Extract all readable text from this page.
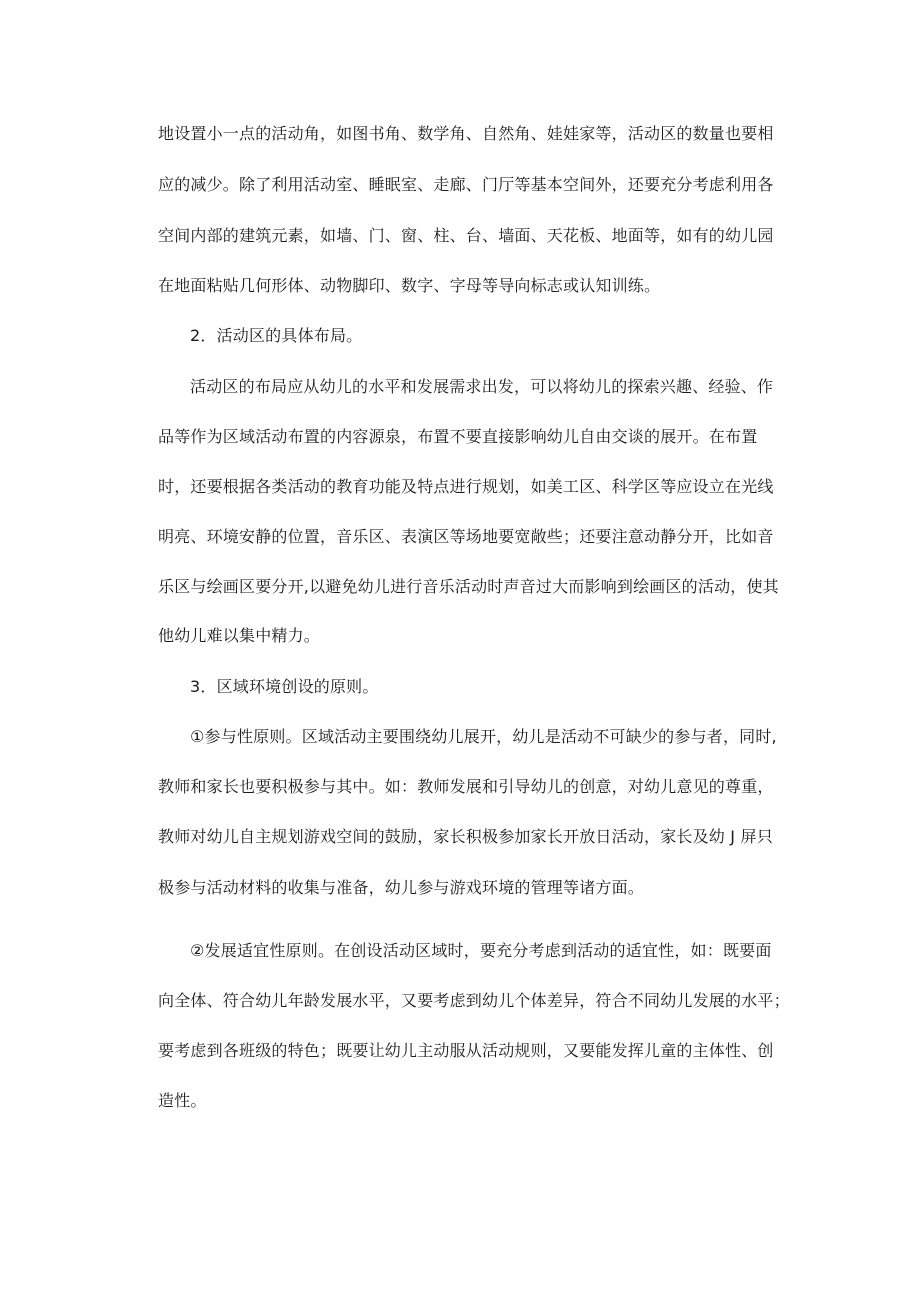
地设置小一点的活动角，如图书角、数学角、自然角、娃娃家等，活动区的数量也要相
应的减少。除了利用活动室、睡眠室、走廊、门厅等基本空间外，还要充分考虑利用各
空间内部的建筑元素，如墙、门、窗、柱、台、墙面、天花板、地面等，如有的幼儿园
在地面粘贴几何形体、动物脚印、数字、字母等导向标志或认知训练。
2．活动区的具体布局。
活动区的布局应从幼儿的水平和发展需求出发，可以将幼儿的探索兴趣、经验、作
品等作为区域活动布置的内容源泉，布置不要直接影响幼儿自由交谈的展开。在布置
时，还要根据各类活动的教育功能及特点进行规划，如美工区、科学区等应设立在光线
明亮、环境安静的位置，音乐区、表演区等场地要宽敞些；还要注意动静分开，比如音
乐区与绘画区要分开,以避免幼儿进行音乐活动时声音过大而影响到绘画区的活动，使其
他幼儿难以集中精力。
3．区域环境创设的原则。
①参与性原则。区域活动主要围绕幼儿展开，幼儿是活动不可缺少的参与者，同时,
教师和家长也要积极参与其中。如：教师发展和引导幼儿的创意，对幼儿意见的尊重，
教师对幼儿自主规划游戏空间的鼓励，家长积极参加家长开放日活动，家长及幼 J 屏只
极参与活动材料的收集与准备，幼儿参与游戏环境的管理等诸方面。
②发展适宜性原则。在创设活动区域时，要充分考虑到活动的适宜性，如：既要面
向全体、符合幼儿年龄发展水平，又要考虑到幼儿个体差异，符合不同幼儿发展的水平；
要考虑到各班级的特色；既要让幼儿主动服从活动规则，又要能发挥儿童的主体性、创
造性。
